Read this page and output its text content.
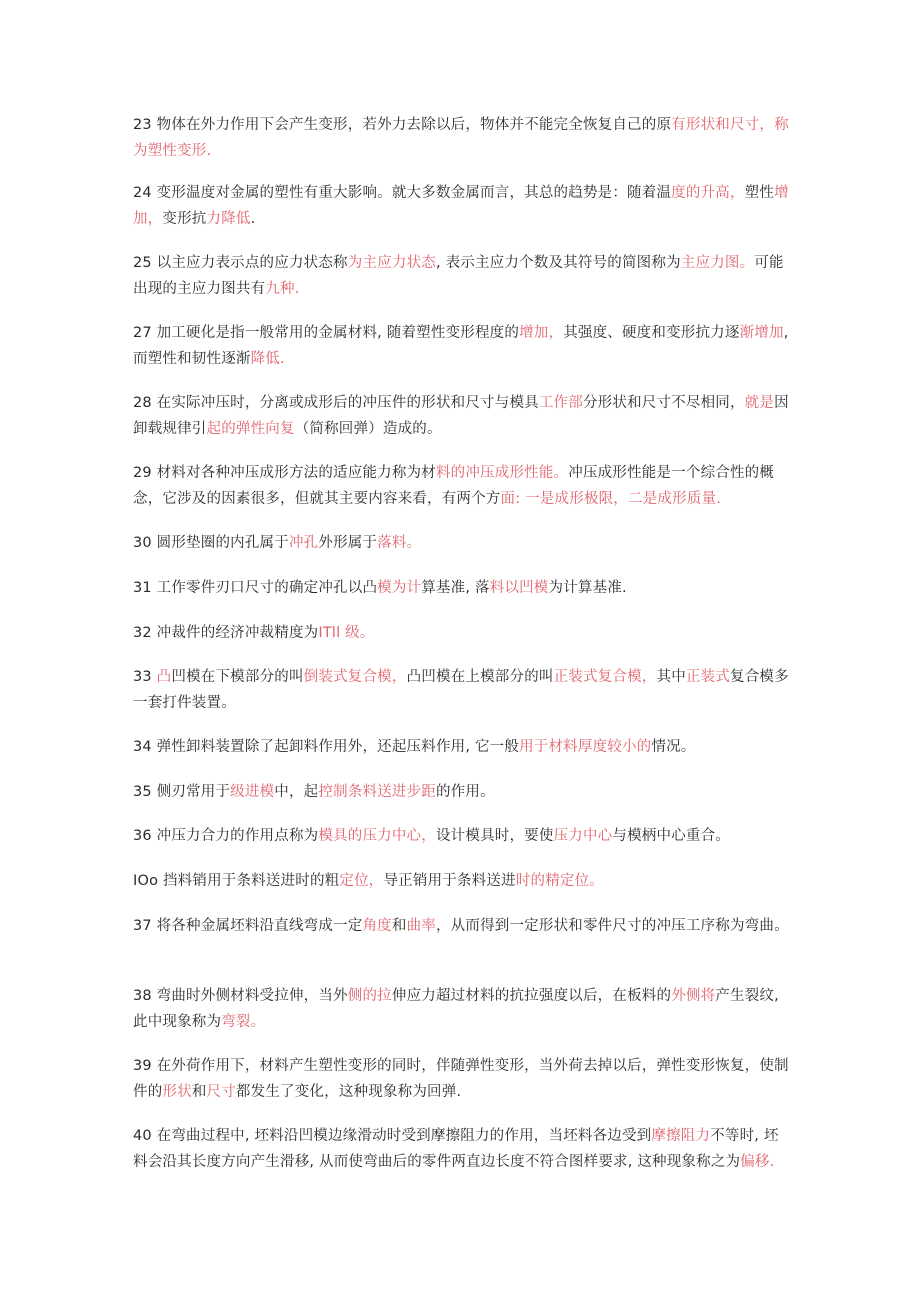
23 物体在外力作用下会产生变形，若外力去除以后，物体并不能完全恢复自己的原有形状和尺寸，称为塑性变形.

24 变形温度对金属的塑性有重大影响。就大多数金属而言，其总的趋势是：随着温度的升高，塑性增加，变形抗力降低.

25 以主应力表示点的应力状态称为主应力状态, 表示主应力个数及其符号的简图称为主应力图。可能出现的主应力图共有九种.

27 加工硬化是指一般常用的金属材料, 随着塑性变形程度的增加，其强度、硬度和变形抗力逐渐增加, 而塑性和韧性逐渐降低.

28 在实际冲压时，分离或成形后的冲压件的形状和尺寸与模具工作部分形状和尺寸不尽相同，就是因卸载规律引起的弹性向复（简称回弹）造成的。

29 材料对各种冲压成形方法的适应能力称为材料的冲压成形性能。冲压成形性能是一个综合性的概念，它涉及的因素很多，但就其主要内容来看，有两个方面: 一是成形极限，二是成形质量.

30 圆形垫圈的内孔属于冲孔外形属于落料。

31 工作零件刃口尺寸的确定冲孔以凸模为计算基准, 落料以凹模为计算基准.

32 冲裁件的经济冲裁精度为ITll 级。

33 凸凹模在下模部分的叫倒装式复合模，凸凹模在上模部分的叫正装式复合模，其中正装式复合模多一套打件装置。

34 弹性卸料装置除了起卸料作用外，还起压料作用, 它一般用于材料厚度较小的情况。

35 侧刃常用于级进模中，起控制条料送进步距的作用。

36 冲压力合力的作用点称为模具的压力中心，设计模具时，要使压力中心与模柄中心重合。

IOo 挡料销用于条料送进时的粗定位，导正销用于条料送进时的精定位。

37 将各种金属坯料沿直线弯成一定角度和曲率，从而得到一定形状和零件尺寸的冲压工序称为弯曲。

38 弯曲时外侧材料受拉伸，当外侧的拉伸应力超过材料的抗拉强度以后，在板料的外侧将产生裂纹, 此中现象称为弯裂。

39 在外荷作用下，材料产生塑性变形的同时，伴随弹性变形，当外荷去掉以后，弹性变形恢复，使制件的形状和尺寸都发生了变化，这种现象称为回弹.

40 在弯曲过程中, 坯料沿凹模边缘滑动时受到摩擦阻力的作用，当坯料各边受到摩擦阻力不等时, 坯料会沿其长度方向产生滑移, 从而使弯曲后的零件两直边长度不符合图样要求, 这种现象称之为偏移.
